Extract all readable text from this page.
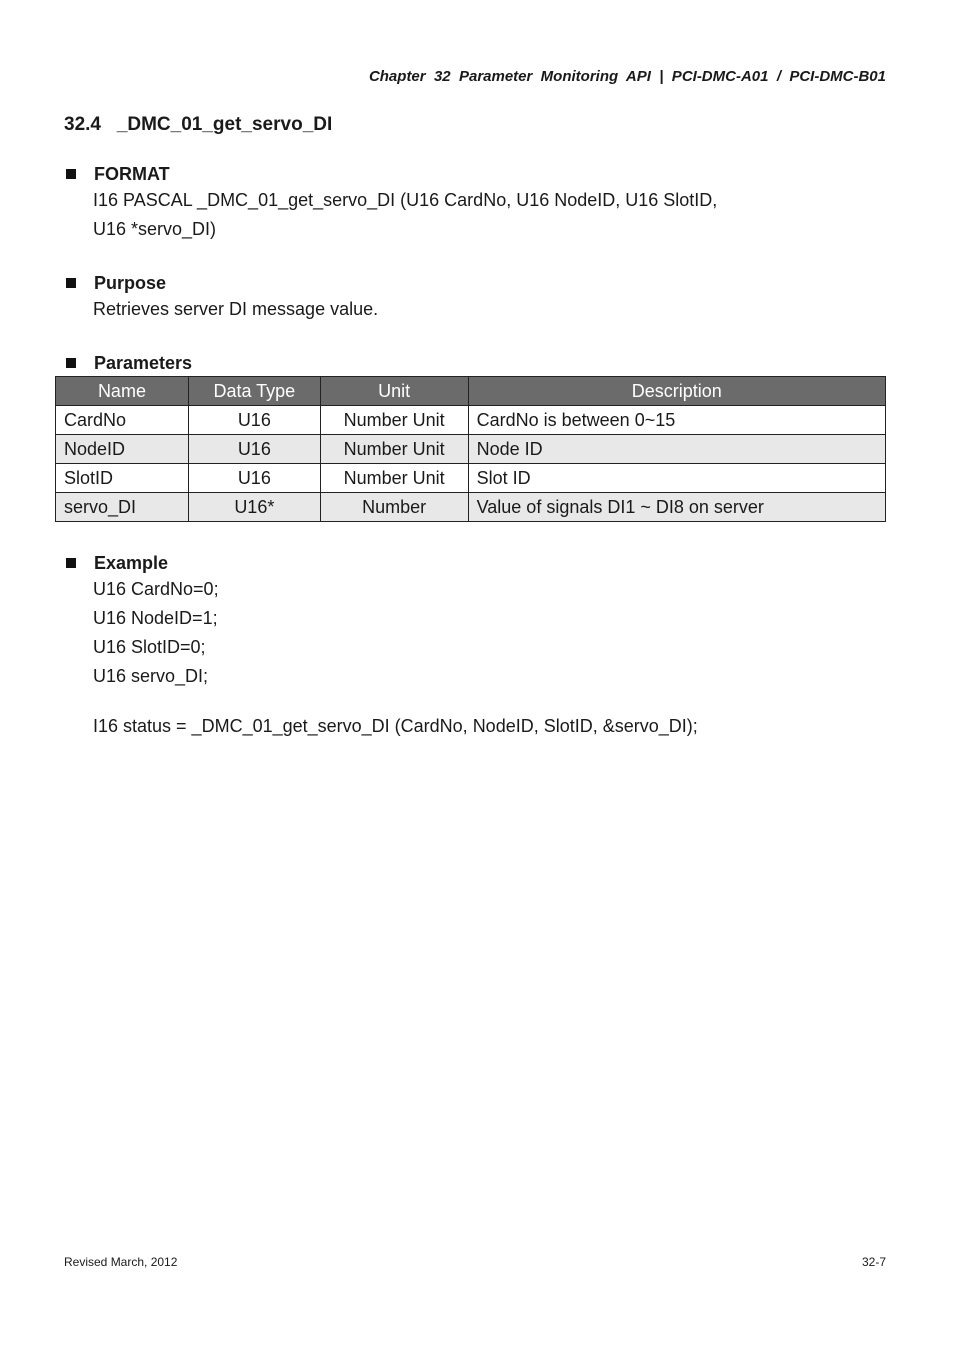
Chapter  32  Parameter  Monitoring  API  |  PCI-DMC-A01  /  PCI-DMC-B01
32.4   _DMC_01_get_servo_DI
FORMAT
I16 PASCAL _DMC_01_get_servo_DI (U16 CardNo, U16 NodeID, U16 SlotID,
U16 *servo_DI)
Purpose
Retrieves server DI message value.
Parameters
Name	Data Type	Unit	Description
CardNo	U16	Number Unit	CardNo is between 0~15
NodeID	U16	Number Unit	Node ID
SlotID	U16	Number Unit	Slot ID
servo_DI	U16*	Number	Value of signals DI1 ~ DI8 on server
Example
U16 CardNo=0;
U16 NodeID=1;
U16 SlotID=0;
U16 servo_DI;
I16 status = _DMC_01_get_servo_DI (CardNo, NodeID, SlotID, &servo_DI);
Revised March, 2012	32-7
